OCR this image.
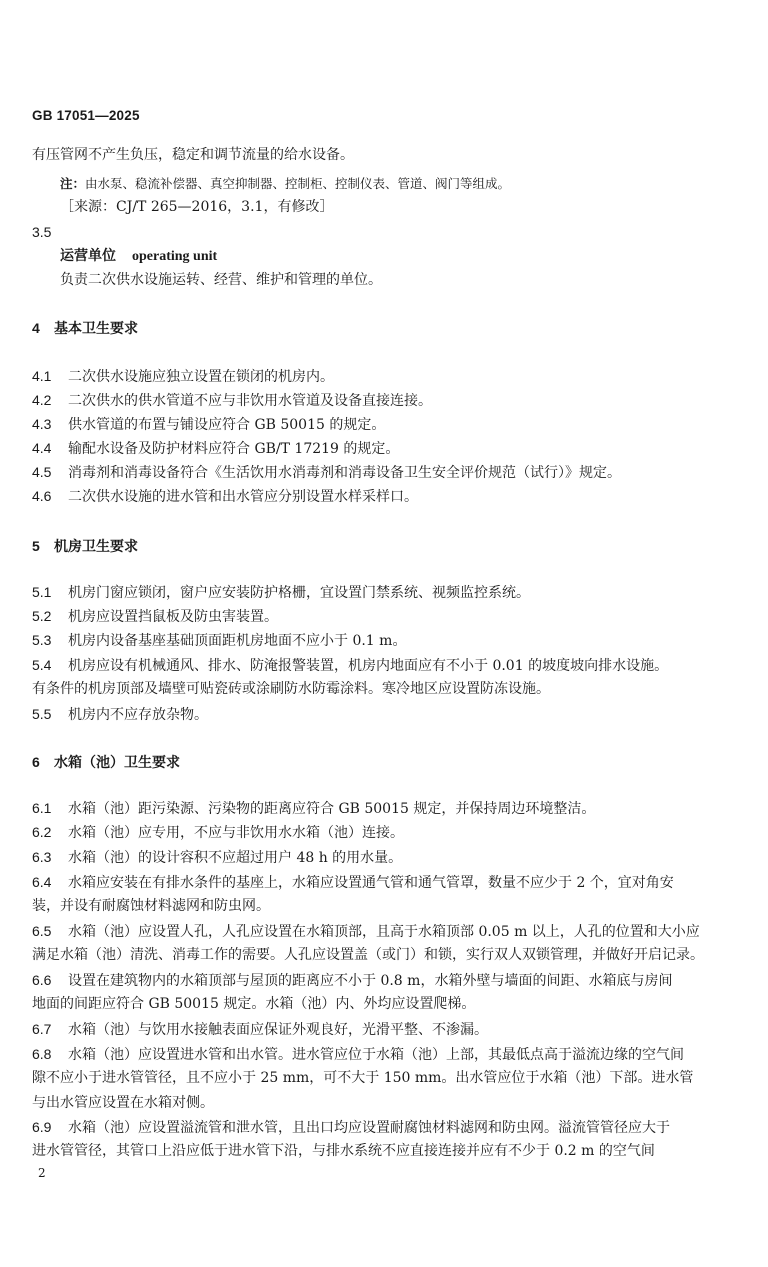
GB 17051—2025
有压管网不产生负压，稳定和调节流量的给水设备。
注：由水泵、稳流补偿器、真空抑制器、控制柜、控制仪表、管道、阀门等组成。
［来源：CJ/T 265—2016，3.1，有修改］
3.5
运营单位 operating unit
负责二次供水设施运转、经营、维护和管理的单位。
4 基本卫生要求
4.1 二次供水设施应独立设置在锁闭的机房内。
4.2 二次供水的供水管道不应与非饮用水管道及设备直接连接。
4.3 供水管道的布置与铺设应符合 GB 50015 的规定。
4.4 输配水设备及防护材料应符合 GB/T 17219 的规定。
4.5 消毒剂和消毒设备符合《生活饮用水消毒剂和消毒设备卫生安全评价规范（试行）》规定。
4.6 二次供水设施的进水管和出水管应分别设置水样采样口。
5 机房卫生要求
5.1 机房门窗应锁闭，窗户应安装防护格栅，宜设置门禁系统、视频监控系统。
5.2 机房应设置挡鼠板及防虫害装置。
5.3 机房内设备基座基础顶面距机房地面不应小于 0.1 m。
5.4 机房应设有机械通风、排水、防淹报警装置，机房内地面应有不小于 0.01 的坡度坡向排水设施。
有条件的机房顶部及墙壁可贴瓷砖或涂刷防水防霉涂料。寒冷地区应设置防冻设施。
5.5 机房内不应存放杂物。
6 水箱（池）卫生要求
6.1 水箱（池）距污染源、污染物的距离应符合 GB 50015 规定，并保持周边环境整洁。
6.2 水箱（池）应专用，不应与非饮用水水箱（池）连接。
6.3 水箱（池）的设计容积不应超过用户 48 h 的用水量。
6.4 水箱应安装在有排水条件的基座上，水箱应设置通气管和通气管罩，数量不应少于 2 个，宜对角安
装，并设有耐腐蚀材料滤网和防虫网。
6.5 水箱（池）应设置人孔，人孔应设置在水箱顶部，且高于水箱顶部 0.05 m 以上，人孔的位置和大小应
满足水箱（池）清洗、消毒工作的需要。人孔应设置盖（或门）和锁，实行双人双锁管理，并做好开启记录。
6.6 设置在建筑物内的水箱顶部与屋顶的距离应不小于 0.8 m，水箱外壁与墙面的间距、水箱底与房间
地面的间距应符合 GB 50015 规定。水箱（池）内、外均应设置爬梯。
6.7 水箱（池）与饮用水接触表面应保证外观良好，光滑平整、不渗漏。
6.8 水箱（池）应设置进水管和出水管。进水管应位于水箱（池）上部，其最低点高于溢流边缘的空气间
隙不应小于进水管管径，且不应小于 25 mm，可不大于 150 mm。出水管应位于水箱（池）下部。进水管
与出水管应设置在水箱对侧。
6.9 水箱（池）应设置溢流管和泄水管，且出口均应设置耐腐蚀材料滤网和防虫网。溢流管管径应大于
进水管管径，其管口上沿应低于进水管下沿，与排水系统不应直接连接并应有不少于 0.2 m 的空气间
2
